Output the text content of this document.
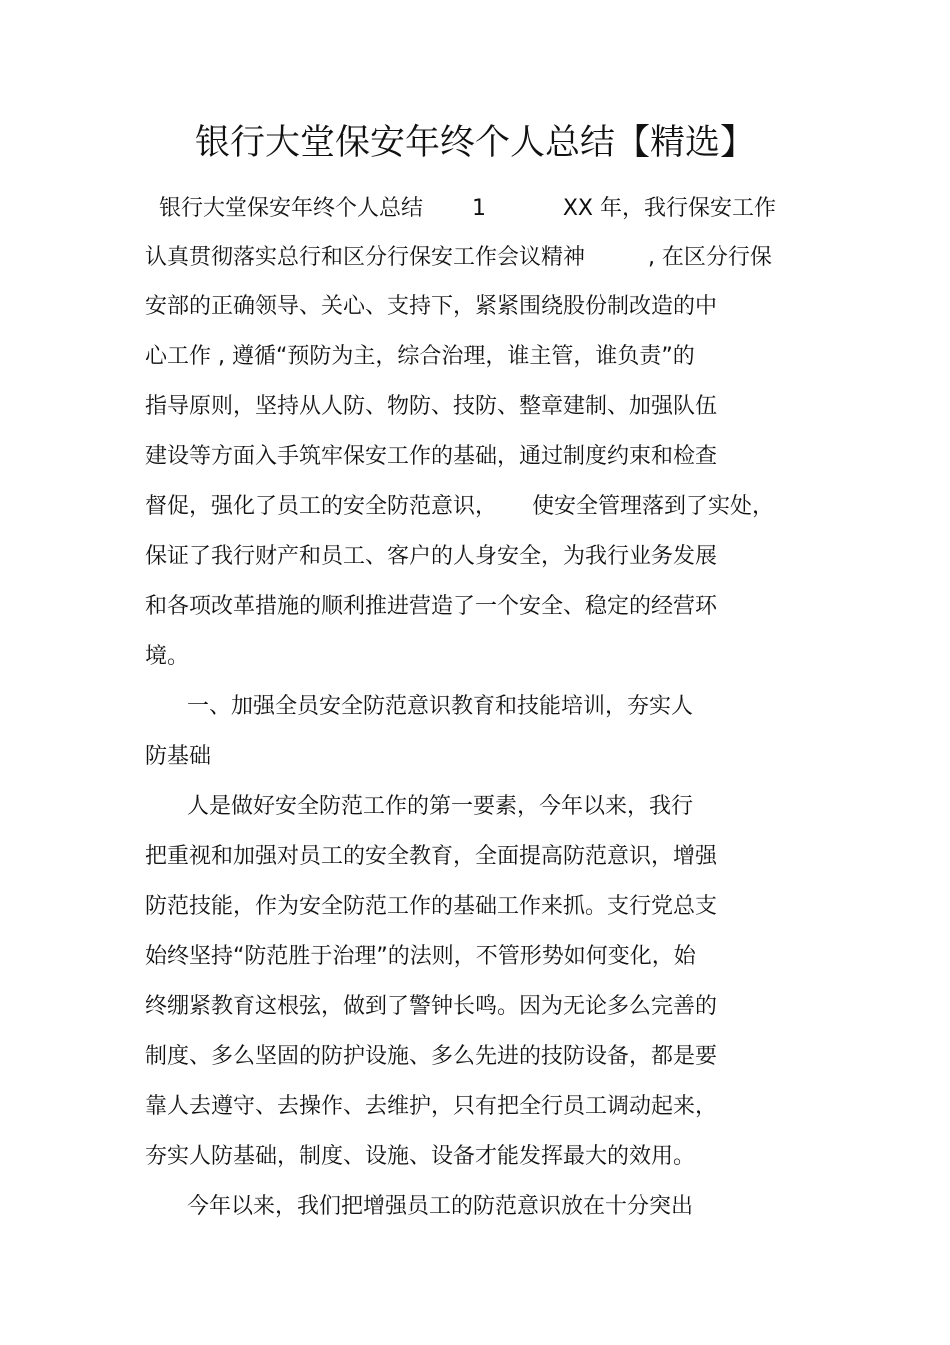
银行大堂保安年终个人总结【精选】
银行大堂保安年终个人总结       1           XX 年，我行保安工作
认真贯彻落实总行和区分行保安工作会议精神         , 在区分行保
安部的正确领导、关心、支持下，紧紧围绕股份制改造的中
心工作 , 遵循“预防为主，综合治理，谁主管，谁负责”的
指导原则，坚持从人防、物防、技防、整章建制、加强队伍
建设等方面入手筑牢保安工作的基础，通过制度约束和检查
督促，强化了员工的安全防范意识，     使安全管理落到了实处，
保证了我行财产和员工、客户的人身安全，为我行业务发展
和各项改革措施的顺利推进营造了一个安全、稳定的经营环
境。
一、加强全员安全防范意识教育和技能培训，夯实人
防基础
人是做好安全防范工作的第一要素，今年以来，我行
把重视和加强对员工的安全教育，全面提高防范意识，增强
防范技能，作为安全防范工作的基础工作来抓。支行党总支
始终坚持“防范胜于治理”的法则，不管形势如何变化，始
终绷紧教育这根弦，做到了警钟长鸣。因为无论多么完善的
制度、多么坚固的防护设施、多么先进的技防设备，都是要
靠人去遵守、去操作、去维护，只有把全行员工调动起来，
夯实人防基础，制度、设施、设备才能发挥最大的效用。
今年以来，我们把增强员工的防范意识放在十分突出
